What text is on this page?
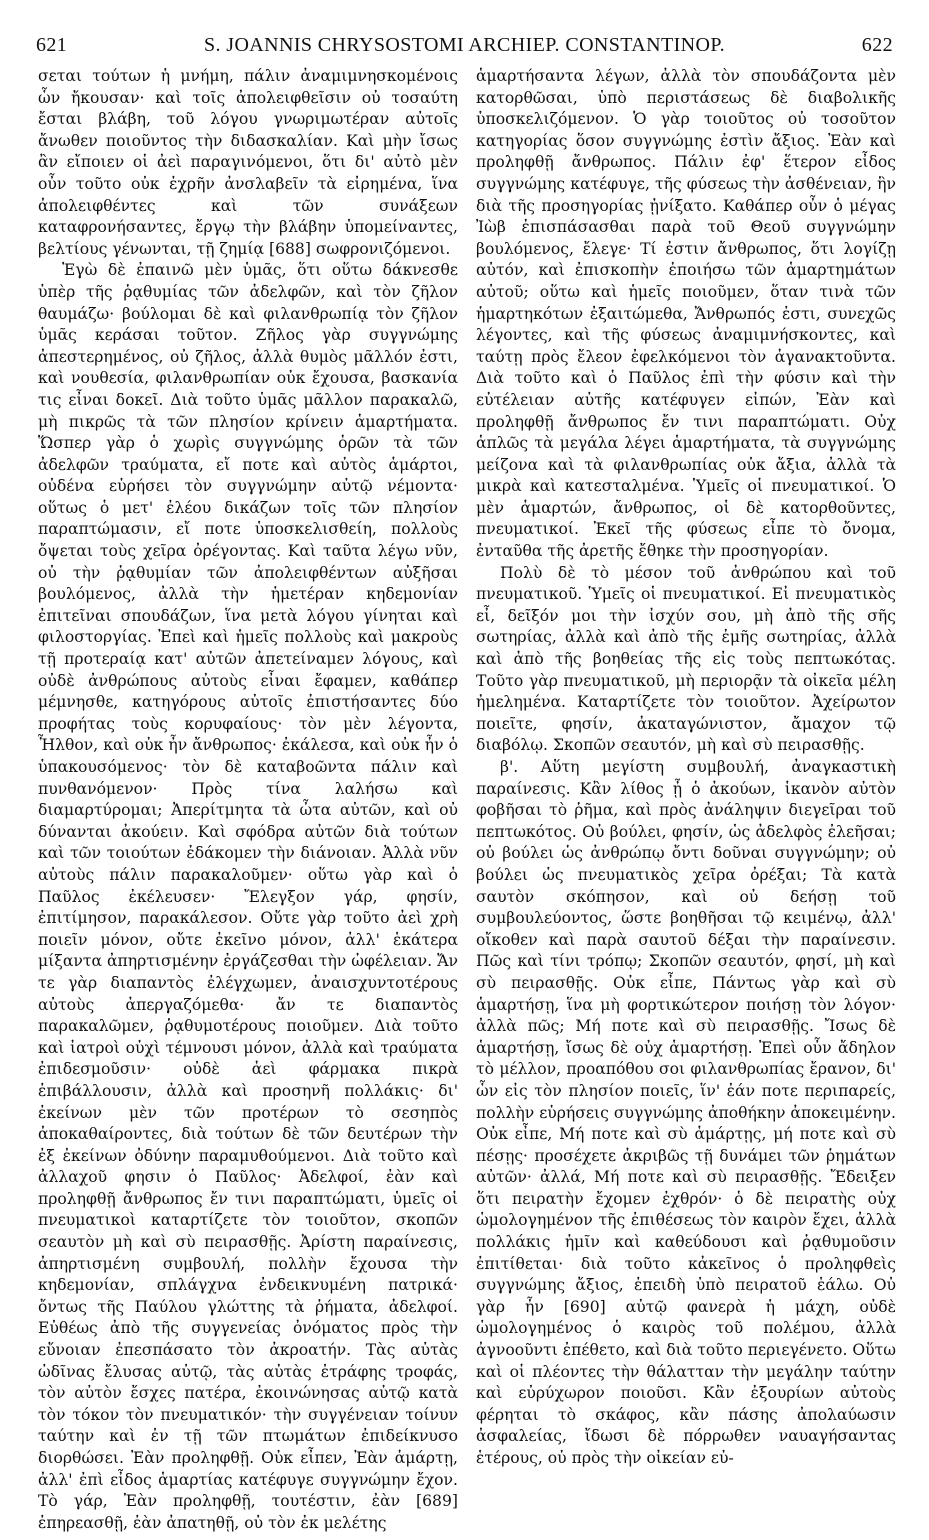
621	S. JOANNIS CHRYSOSTOMI ARCHIEP. CONSTANTINOP.	622

σεται τούτων ἡ μνήμη, πάλιν ἀναμιμνησκομένοις ὧν ἤκουσαν· καὶ τοῖς ἀπολειφθεῖσιν οὐ τοσαύτη ἔσται βλάβη, τοῦ λόγου γνωριμωτέραν αὐτοῖς ἄνωθεν ποιοῦντος τὴν διδασκαλίαν. Καὶ μὴν ἴσως ἂν εἴποιεν οἱ ἀεὶ παραγινόμενοι, ὅτι δι' αὐτὸ μὲν οὖν τοῦτο οὐκ ἐχρῆν ἀνσλαβεῖν τὰ εἰρημένα, ἵνα ἀπολειφθέντες καὶ τῶν συνάξεων καταφρονήσαντες, ἔργῳ τὴν βλάβην ὑπομείναντες, βελτίους γένωνται, τῇ ζημίᾳ [688] σωφρονιζόμενοι.

Ἐγὼ δὲ ἐπαινῶ μὲν ὑμᾶς, ὅτι οὕτω δάκνεσθε ὑπὲρ τῆς ῥᾳθυμίας τῶν ἀδελφῶν, καὶ τὸν ζῆλον θαυμάζω· βούλομαι δὲ καὶ φιλανθρωπίᾳ τὸν ζῆλον ὑμᾶς κεράσαι τοῦτον. Ζῆλος γὰρ συγγνώμης ἀπεστερημένος, οὐ ζῆλος, ἀλλὰ θυμὸς μᾶλλόν ἐστι, καὶ νουθεσία, φιλανθρωπίαν οὐκ ἔχουσα, βασκανία τις εἶναι δοκεῖ. Διὰ τοῦτο ὑμᾶς μᾶλλον παρακαλῶ, μὴ πικρῶς τὰ τῶν πλησίον κρίνειν ἁμαρτήματα. Ὥσπερ γὰρ ὁ χωρὶς συγγνώμης ὁρῶν τὰ τῶν ἀδελφῶν τραύματα, εἴ ποτε καὶ αὐτὸς ἁμάρτοι, οὐδένα εὑρήσει τὸν συγγνώμην αὐτῷ νέμοντα· οὕτως ὁ μετ' ἐλέου δικάζων τοῖς τῶν πλησίον παραπτώμασιν, εἴ ποτε ὑποσκελισθείη, πολλοὺς ὄψεται τοὺς χεῖρα ὀρέγοντας. Καὶ ταῦτα λέγω νῦν, οὐ τὴν ῥᾳθυμίαν τῶν ἀπολειφθέντων αὐξῆσαι βουλόμενος, ἀλλὰ τὴν ἡμετέραν κηδεμονίαν ἐπιτεῖναι σπουδάζων, ἵνα μετὰ λόγου γίνηται καὶ φιλοστοργίας. Ἐπεὶ καὶ ἡμεῖς πολλοὺς καὶ μακροὺς τῇ προτεραίᾳ κατ' αὐτῶν ἀπετείναμεν λόγους, καὶ οὐδὲ ἀνθρώπους αὐτοὺς εἶναι ἔφαμεν, καθάπερ μέμνησθε, κατηγόρους αὐτοῖς ἐπιστήσαντες δύο προφήτας τοὺς κορυφαίους· τὸν μὲν λέγοντα, Ἦλθον, καὶ οὐκ ἦν ἄνθρωπος· ἐκάλεσα, καὶ οὐκ ἦν ὁ ὑπακουσόμενος· τὸν δὲ καταβοῶντα πάλιν καὶ πυνθανόμενον· Πρὸς τίνα λαλήσω καὶ διαμαρτύρομαι; Ἀπερίτμητα τὰ ὦτα αὐτῶν, καὶ οὐ δύνανται ἀκούειν. Καὶ σφόδρα αὐτῶν διὰ τούτων καὶ τῶν τοιούτων ἐδάκομεν τὴν διάνοιαν. Ἀλλὰ νῦν αὐτοὺς πάλιν παρακαλοῦμεν· οὕτω γὰρ καὶ ὁ Παῦλος ἐκέλευσεν· Ἔλεγξον γάρ, φησίν, ἐπιτίμησον, παρακάλεσον. Οὔτε γὰρ τοῦτο ἀεὶ χρὴ ποιεῖν μόνον, οὔτε ἐκεῖνο μόνον, ἀλλ' ἑκάτερα μίξαντα ἀπηρτισμένην ἐργάζεσθαι τὴν ὠφέλειαν. Ἄν τε γὰρ διαπαντὸς ἐλέγχωμεν, ἀναισχυντοτέρους αὐτοὺς ἀπεργαζόμεθα· ἄν τε διαπαντὸς παρακαλῶμεν, ῥᾳθυμοτέρους ποιοῦμεν. Διὰ τοῦτο καὶ ἰατροὶ οὐχὶ τέμνουσι μόνον, ἀλλὰ καὶ τραύματα ἐπιδεσμοῦσιν· οὐδὲ ἀεὶ φάρμακα πικρὰ ἐπιβάλλουσιν, ἀλλὰ καὶ προσηνῆ πολλάκις· δι' ἐκείνων μὲν τῶν προτέρων τὸ σεσηπὸς ἀποκαθαίροντες, διὰ τούτων δὲ τῶν δευτέρων τὴν ἐξ ἐκείνων ὀδύνην παραμυθούμενοι. Διὰ τοῦτο καὶ ἀλλαχοῦ φησιν ὁ Παῦλος· Ἀδελφοί, ἐὰν καὶ προληφθῇ ἄνθρωπος ἔν τινι παραπτώματι, ὑμεῖς οἱ πνευματικοὶ καταρτίζετε τὸν τοιοῦτον, σκοπῶν σεαυτὸν μὴ καὶ σὺ πειρασθῇς. Ἀρίστη παραίνεσις, ἀπηρτισμένη συμβουλή, πολλὴν ἔχουσα τὴν κηδεμονίαν, σπλάγχνα ἐνδεικνυμένη πατρικά· ὄντως τῆς Παύλου γλώττης τὰ ῥήματα, ἀδελφοί. Εὐθέως ἀπὸ τῆς συγγενείας ὀνόματος πρὸς τὴν εὔνοιαν ἐπεσπάσατο τὸν ἀκροατήν. Τὰς αὐτὰς ὠδῖνας ἔλυσας αὐτῷ, τὰς αὐτὰς ἐτράφης τροφάς, τὸν αὐτὸν ἔσχες πατέρα, ἐκοινώνησας αὐτῷ κατὰ τὸν τόκον τὸν πνευματικόν· τὴν συγγένειαν τοίνυν ταύτην καὶ ἐν τῇ τῶν πτωμάτων ἐπιδείκνυσο διορθώσει. Ἐὰν προληφθῇ. Οὐκ εἶπεν, Ἐὰν ἁμάρτῃ, ἀλλ' ἐπὶ εἶδος ἁμαρτίας κατέφυγε συγγνώμην ἔχον. Τὸ γάρ, Ἐὰν προληφθῇ, τουτέστιν, ἐὰν [689] ἐπηρεασθῇ, ἐὰν ἀπατηθῇ, οὐ τὸν ἐκ μελέτης

ἁμαρτήσαντα λέγων, ἀλλὰ τὸν σπουδάζοντα μὲν κατορθῶσαι, ὑπὸ περιστάσεως δὲ διαβολικῆς ὑποσκελιζόμενον. Ὁ γὰρ τοιοῦτος οὐ τοσοῦτον κατηγορίας ὅσον συγγνώμης ἐστὶν ἄξιος. Ἐὰν καὶ προληφθῇ ἄνθρωπος. Πάλιν ἐφ' ἕτερον εἶδος συγγνώμης κατέφυγε, τῆς φύσεως τὴν ἀσθένειαν, ἣν διὰ τῆς προσηγορίας ᾐνίξατο. Καθάπερ οὖν ὁ μέγας Ἰὼβ ἐπισπάσασθαι παρὰ τοῦ Θεοῦ συγγνώμην βουλόμενος, ἔλεγε· Τί ἐστιν ἄνθρωπος, ὅτι λογίζῃ αὐτόν, καὶ ἐπισκοπὴν ἐποιήσω τῶν ἁμαρτημάτων αὐτοῦ; οὕτω καὶ ἡμεῖς ποιοῦμεν, ὅταν τινὰ τῶν ἡμαρτηκότων ἐξαιτώμεθα, Ἄνθρωπός ἐστι, συνεχῶς λέγοντες, καὶ τῆς φύσεως ἀναμιμνήσκοντες, καὶ ταύτῃ πρὸς ἔλεον ἐφελκόμενοι τὸν ἀγανακτοῦντα. Διὰ τοῦτο καὶ ὁ Παῦλος ἐπὶ τὴν φύσιν καὶ τὴν εὐτέλειαν αὐτῆς κατέφυγεν εἰπών, Ἐὰν καὶ προληφθῇ ἄνθρωπος ἔν τινι παραπτώματι. Οὐχ ἁπλῶς τὰ μεγάλα λέγει ἁμαρτήματα, τὰ συγγνώμης μείζονα καὶ τὰ φιλανθρωπίας οὐκ ἄξια, ἀλλὰ τὰ μικρὰ καὶ κατεσταλμένα. Ὑμεῖς οἱ πνευματικοί. Ὁ μὲν ἁμαρτών, ἄνθρωπος, οἱ δὲ κατορθοῦντες, πνευματικοί. Ἐκεῖ τῆς φύσεως εἶπε τὸ ὄνομα, ἐνταῦθα τῆς ἀρετῆς ἔθηκε τὴν προσηγορίαν.

Πολὺ δὲ τὸ μέσον τοῦ ἀνθρώπου καὶ τοῦ πνευματικοῦ. Ὑμεῖς οἱ πνευματικοί. Εἰ πνευματικὸς εἶ, δεῖξόν μοι τὴν ἰσχύν σου, μὴ ἀπὸ τῆς σῆς σωτηρίας, ἀλλὰ καὶ ἀπὸ τῆς ἐμῆς σωτηρίας, ἀλλὰ καὶ ἀπὸ τῆς βοηθείας τῆς εἰς τοὺς πεπτωκότας. Τοῦτο γὰρ πνευματικοῦ, μὴ περιορᾷν τὰ οἰκεῖα μέλη ἠμελημένα. Καταρτίζετε τὸν τοιοῦτον. Ἀχείρωτον ποιεῖτε, φησίν, ἀκαταγώνιστον, ἄμαχον τῷ διαβόλῳ. Σκοπῶν σεαυτόν, μὴ καὶ σὺ πειρασθῇς.

β'. Αὕτη μεγίστη συμβουλή, ἀναγκαστικὴ παραίνεσις. Κἂν λίθος ᾖ ὁ ἀκούων, ἱκανὸν αὐτὸν φοβῆσαι τὸ ῥῆμα, καὶ πρὸς ἀνάληψιν διεγεῖραι τοῦ πεπτωκότος. Οὐ βούλει, φησίν, ὡς ἀδελφὸς ἐλεῆσαι; οὐ βούλει ὡς ἀνθρώπῳ ὄντι δοῦναι συγγνώμην; οὐ βούλει ὡς πνευματικὸς χεῖρα ὀρέξαι; Τὰ κατὰ σαυτὸν σκόπησον, καὶ οὐ δεήσῃ τοῦ συμβουλεύοντος, ὥστε βοηθῆσαι τῷ κειμένῳ, ἀλλ' οἴκοθεν καὶ παρὰ σαυτοῦ δέξαι τὴν παραίνεσιν. Πῶς καὶ τίνι τρόπῳ; Σκοπῶν σεαυτόν, φησί, μὴ καὶ σὺ πειρασθῇς. Οὐκ εἶπε, Πάντως γὰρ καὶ σὺ ἁμαρτήσῃ, ἵνα μὴ φορτικώτερον ποιήσῃ τὸν λόγον· ἀλλὰ πῶς; Μή ποτε καὶ σὺ πειρασθῇς. Ἴσως δὲ ἁμαρτήσῃ, ἴσως δὲ οὐχ ἁμαρτήσῃ. Ἐπεὶ οὖν ἄδηλον τὸ μέλλον, προαπόθου σοι φιλανθρωπίας ἔρανον, δι' ὧν εἰς τὸν πλησίον ποιεῖς, ἵν' ἐάν ποτε περιπαρείς, πολλὴν εὑρήσεις συγγνώμης ἀποθήκην ἀποκειμένην. Οὐκ εἶπε, Μή ποτε καὶ σὺ ἁμάρτῃς, μή ποτε καὶ σὺ πέσῃς· προσέχετε ἀκριβῶς τῇ δυνάμει τῶν ῥημάτων αὐτῶν· ἀλλά, Μή ποτε καὶ σὺ πειρασθῇς. Ἔδειξεν ὅτι πειρατὴν ἔχομεν ἐχθρόν· ὁ δὲ πειρατὴς οὐχ ὡμολογημένον τῆς ἐπιθέσεως τὸν καιρὸν ἔχει, ἀλλὰ πολλάκις ἡμῖν καὶ καθεύδουσι καὶ ῥᾳθυμοῦσιν ἐπιτίθεται· διὰ τοῦτο κἀκεῖνος ὁ προληφθεὶς συγγνώμης ἄξιος, ἐπειδὴ ὑπὸ πειρατοῦ ἑάλω. Οὐ γὰρ ἦν [690] αὐτῷ φανερὰ ἡ μάχη, οὐδὲ ὡμολογημένος ὁ καιρὸς τοῦ πολέμου, ἀλλὰ ἀγνοοῦντι ἐπέθετο, καὶ διὰ τοῦτο περιεγένετο. Οὕτω καὶ οἱ πλέοντες τὴν θάλατταν τὴν μεγάλην ταύτην καὶ εὐρύχωρον ποιοῦσι. Κἂν ἐξουρίων αὐτοὺς φέρηται τὸ σκάφος, κἂν πάσης ἀπολαύωσιν ἀσφαλείας, ἴδωσι δὲ πόρρωθεν ναυαγήσαντας ἑτέρους, οὐ πρὸς τὴν οἰκείαν εὐ-
